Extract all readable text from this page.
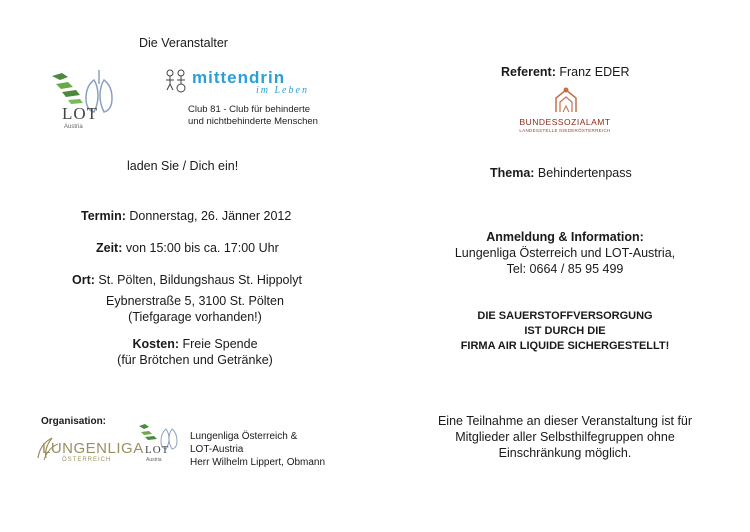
Die Veranstalter
LOT
Austria
mittendrin
im Leben
Club 81 - Club für behinderte
und nichtbehinderte Menschen
laden Sie / Dich ein!
Termin: Donnerstag, 26. Jänner 2012
Zeit: von 15:00 bis ca. 17:00 Uhr
Ort: St. Pölten, Bildungshaus St. Hippolyt
Eybnerstraße 5, 3100 St. Pölten
(Tiefgarage vorhanden!)
Kosten: Freie Spende
(für Brötchen und Getränke)
Organisation:
LUNGENLIGA
ÖSTERREICH
LOT
Austria
Lungenliga Österreich &
LOT-Austria
Herr Wilhelm Lippert, Obmann
Referent: Franz EDER
BUNDESSOZIALAMT
LANDESSTELLE NIEDERÖSTERREICH
Thema: Behindertenpass
Anmeldung & Information:
Lungenliga Österreich und LOT-Austria,
Tel: 0664 / 85 95 499
DIE SAUERSTOFFVERSORGUNG
IST DURCH DIE
FIRMA AIR LIQUIDE SICHERGESTELLT!
Eine Teilnahme an dieser Veranstaltung ist für
Mitglieder aller Selbsthilfegruppen ohne
Einschränkung möglich.
